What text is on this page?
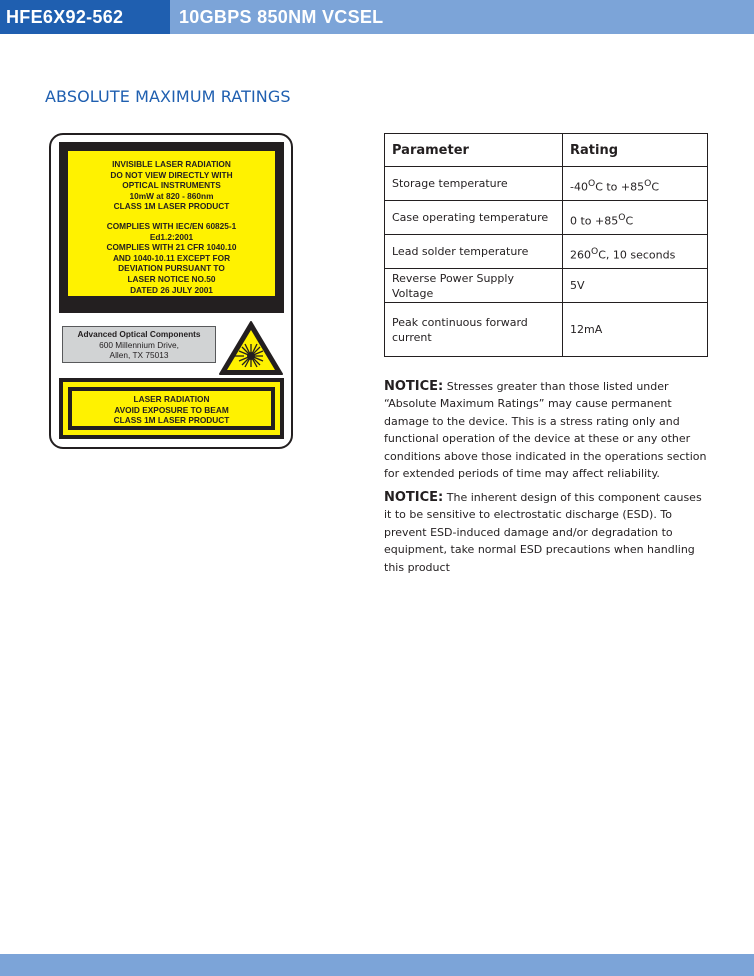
HFE6X92-562	10GBPS 850NM VCSEL
ABSOLUTE MAXIMUM RATINGS
INVISIBLE LASER RADIATION
DO NOT VIEW DIRECTLY WITH
OPTICAL INSTRUMENTS
10mW at 820 - 860nm
CLASS 1M LASER PRODUCT
COMPLIES WITH IEC/EN 60825-1
Ed1.2:2001
COMPLIES WITH 21 CFR 1040.10
AND 1040-10.11 EXCEPT FOR
DEVIATION PURSUANT TO
LASER NOTICE NO.50
DATED 26 JULY 2001
Advanced Optical Components
600 Millennium Drive,
Allen, TX 75013
LASER RADIATION
AVOID EXPOSURE TO BEAM
CLASS 1M LASER PRODUCT
Parameter	Rating
Storage temperature	$-40^OC$ to $+85^OC$
Case operating temperature	0 to $+85^OC$
Lead solder temperature	$260^OC$, 10 seconds
Reverse Power Supply Voltage	5V
Peak continuous forward current	12mA

NOTICE: Stresses greater than those listed under “Absolute Maximum Ratings” may cause permanent damage to the device. This is a stress rating only and functional operation of the device at these or any other conditions above those indicated in the operations section for extended periods of time may affect reliability.

NOTICE: The inherent design of this component causes it to be sensitive to electrostatic discharge (ESD). To prevent ESD-induced damage and/or degradation to equipment, take normal ESD precautions when handling this product
